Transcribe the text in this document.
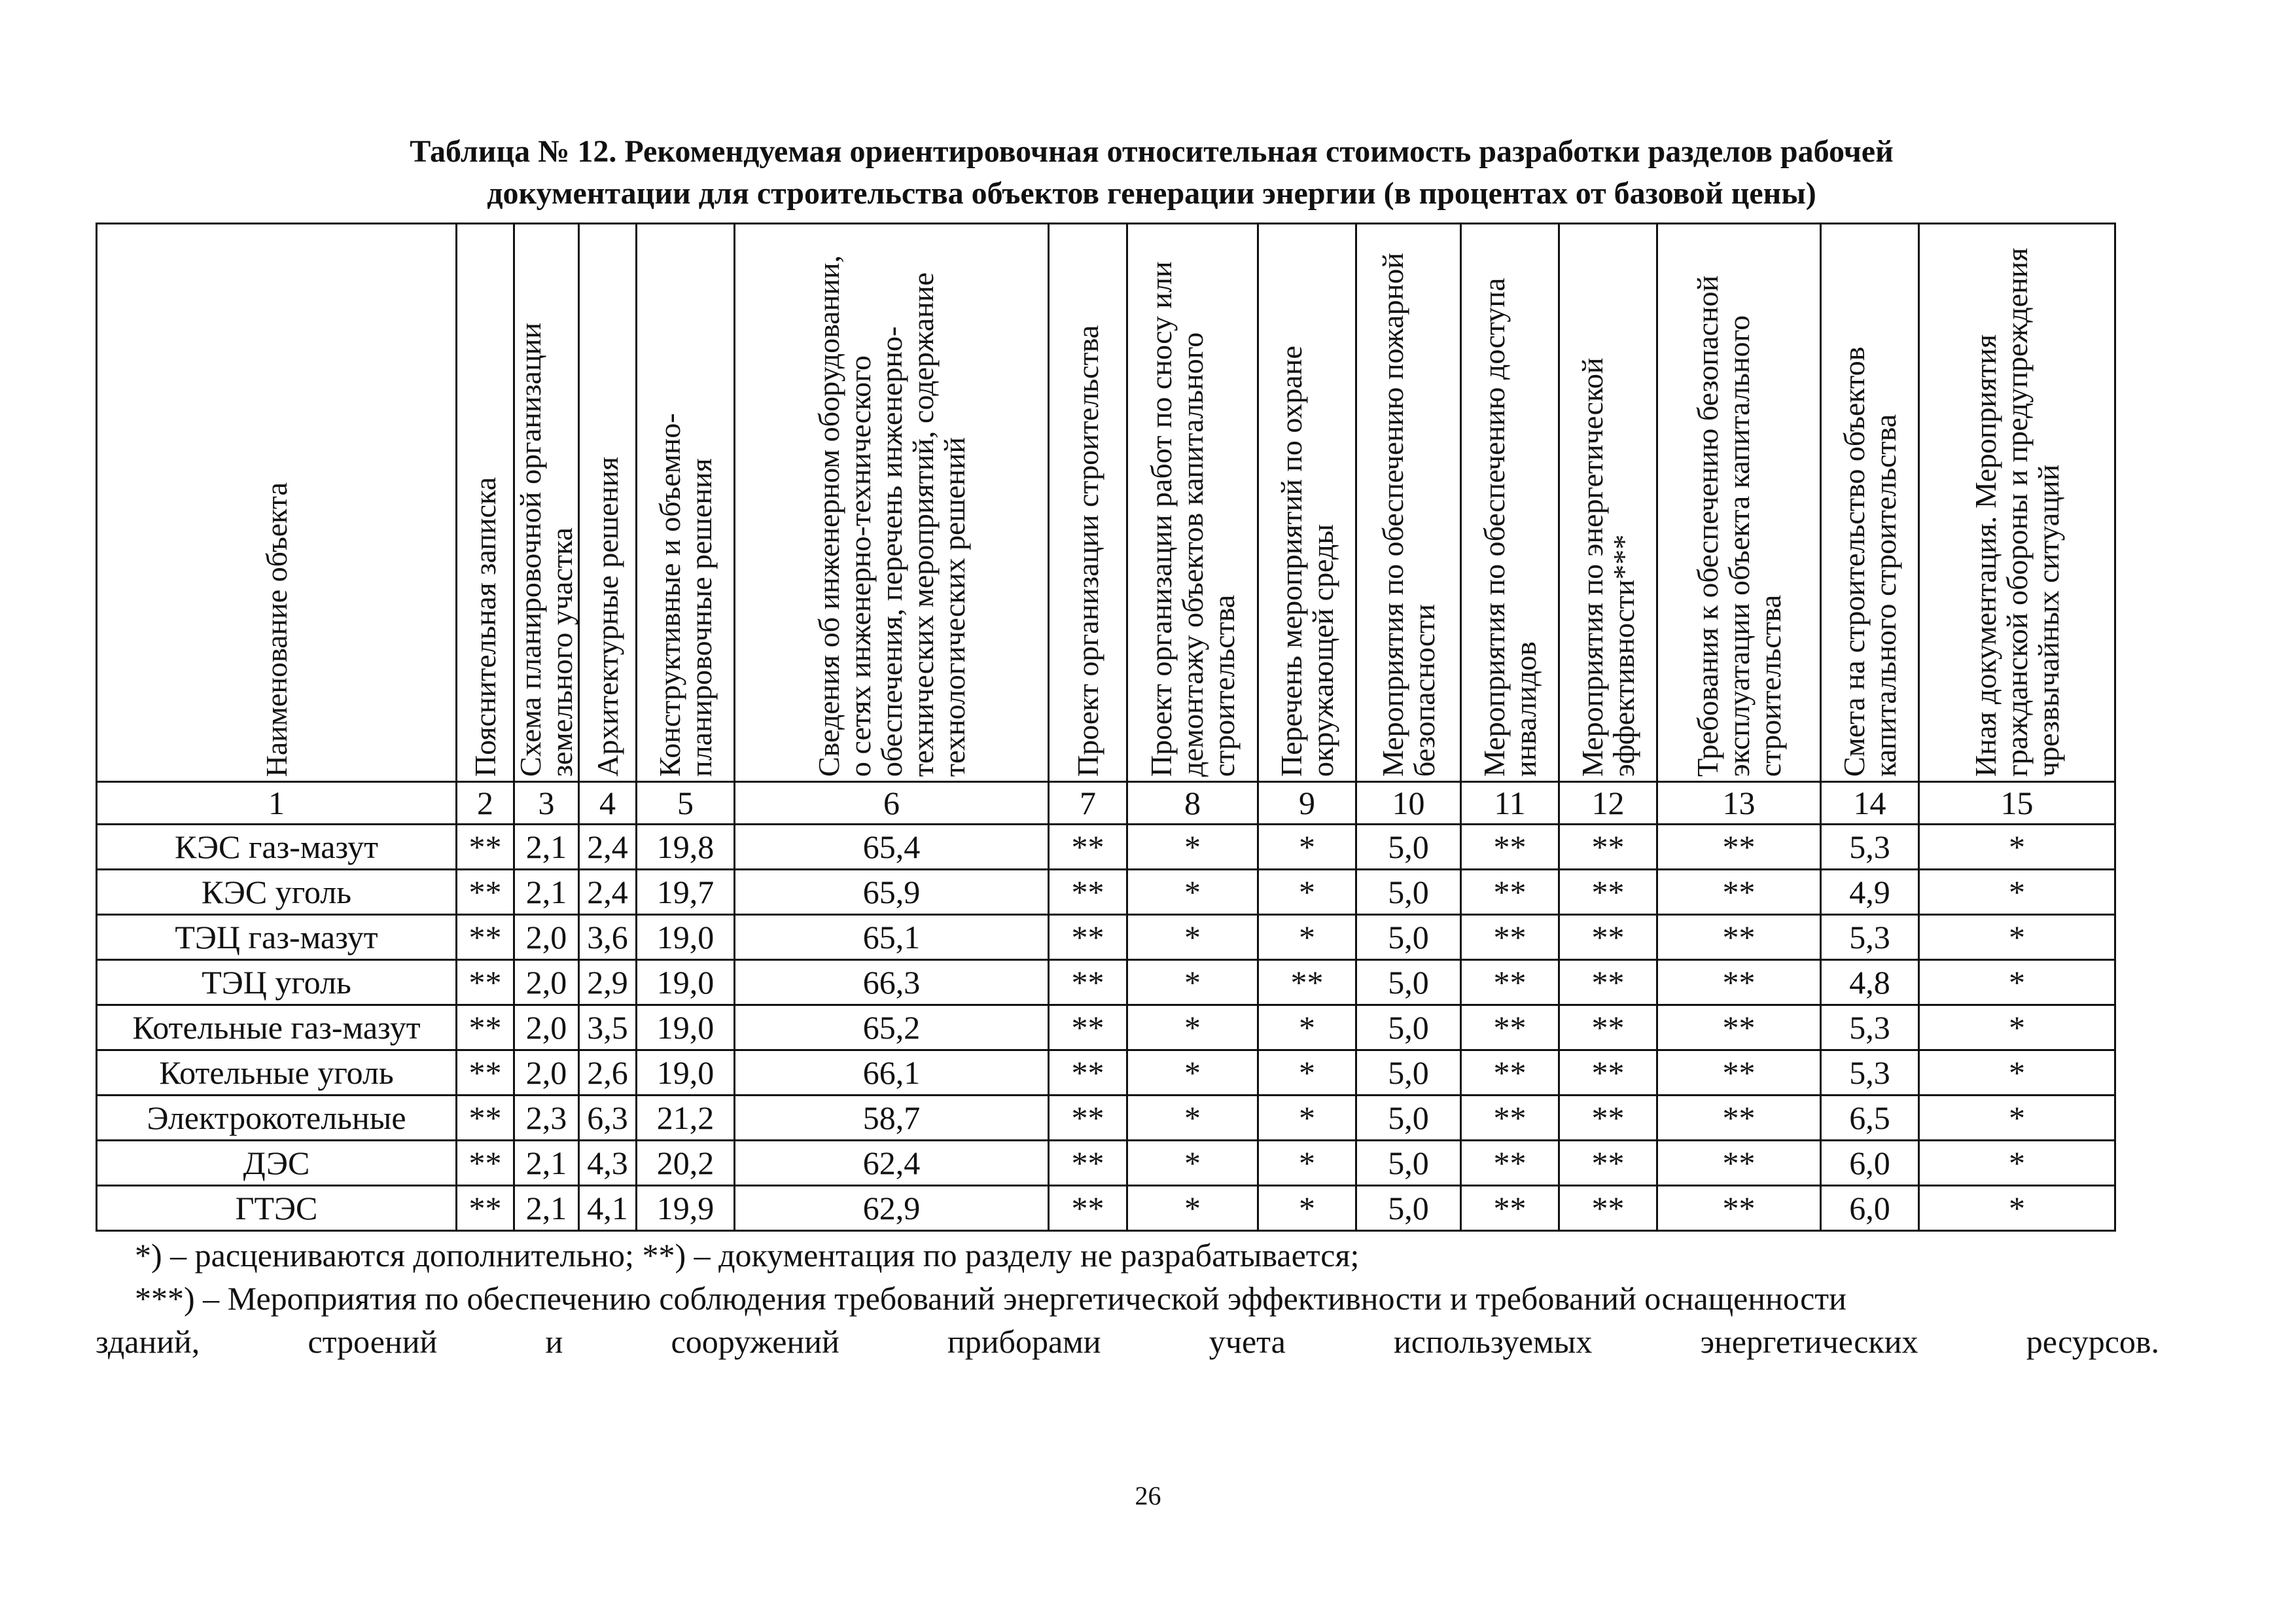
Таблица № 12. Рекомендуемая ориентировочная относительная стоимость разработки разделов рабочей
документации для строительства объектов генерации энергии (в процентах от базовой цены)
Наименование объекта	Пояснительная записка	Схема планировочной организации земельного участка	Архитектурные решения	Конструктивные и объемно-планировочные решения	Сведения об инженерном оборудовании, о сетях инженерно-технического обеспечения, перечень инженерно-технических мероприятий, содержание технологических решений	Проект организации строительства	Проект организации работ по сносу или демонтажу объектов капитального строительства	Перечень мероприятий по охране окружающей среды	Мероприятия по обеспечению пожарной безопасности	Мероприятия по обеспечению доступа инвалидов	Мероприятия по энергетической эффективности***	Требования к обеспечению безопасной эксплуатации объекта капитального строительства	Смета на строительство объектов капитального строительства	Иная документация. Мероприятия гражданской обороны и предупреждения чрезвычайных ситуаций

1	2	3	4	5	6	7	8	9	10	11	12	13	14	15
КЭС газ-мазут	**	2,1	2,4	19,8	65,4	**	*	*	5,0	**	**	**	5,3	*
КЭС уголь	**	2,1	2,4	19,7	65,9	**	*	*	5,0	**	**	**	4,9	*
ТЭЦ газ-мазут	**	2,0	3,6	19,0	65,1	**	*	*	5,0	**	**	**	5,3	*
ТЭЦ уголь	**	2,0	2,9	19,0	66,3	**	*	**	5,0	**	**	**	4,8	*
Котельные газ-мазут	**	2,0	3,5	19,0	65,2	**	*	*	5,0	**	**	**	5,3	*
Котельные уголь	**	2,0	2,6	19,0	66,1	**	*	*	5,0	**	**	**	5,3	*
Электрокотельные	**	2,3	6,3	21,2	58,7	**	*	*	5,0	**	**	**	6,5	*
ДЭС	**	2,1	4,3	20,2	62,4	**	*	*	5,0	**	**	**	6,0	*
ГТЭС	**	2,1	4,1	19,9	62,9	**	*	*	5,0	**	**	**	6,0	*
*) – расцениваются дополнительно; **) – документация по разделу не разрабатывается;
***) – Мероприятия по обеспечению соблюдения требований энергетической эффективности и требований оснащенности
зданий, строений и сооружений приборами учета используемых энергетических ресурсов.
26
